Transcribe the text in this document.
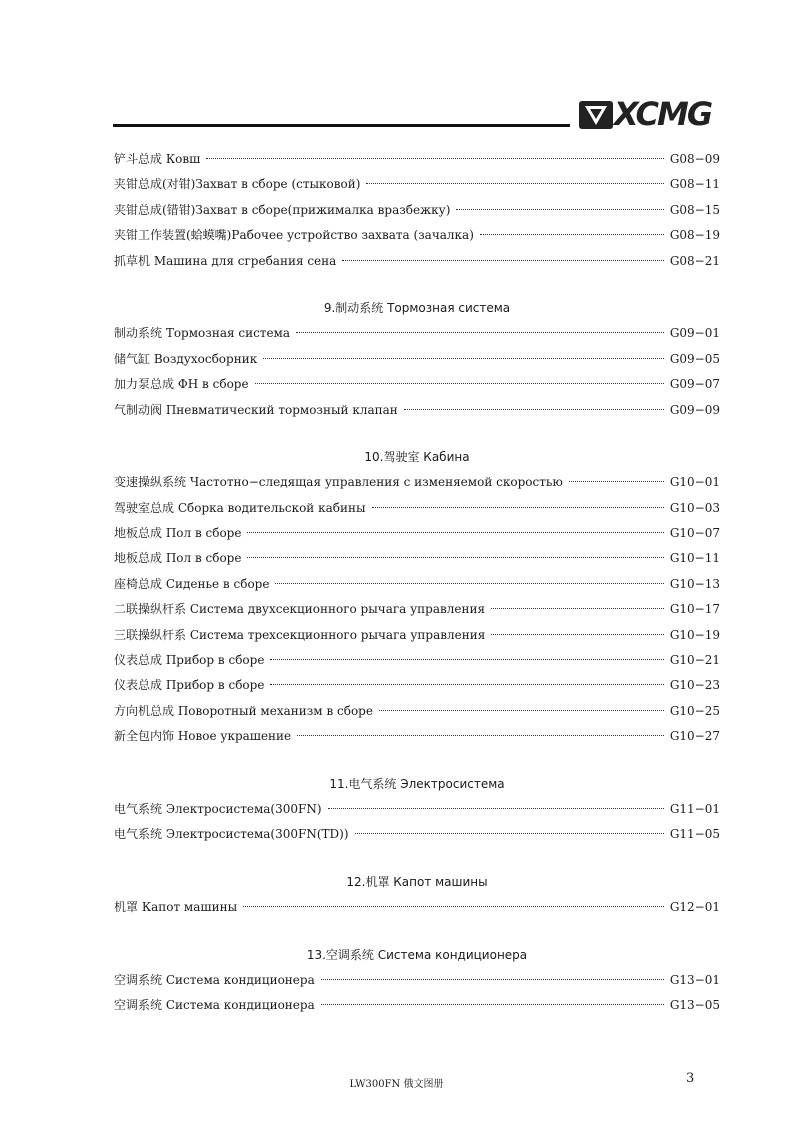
XCMG
铲斗总成 Ковш	G08−09
夹钳总成(对钳)Захват в сборе (стыковой)	G08−11
夹钳总成(错钳)Захват в сборе(прижималка вразбежку)	G08−15
夹钳工作装置(蛤蟆嘴)Рабочее устройство захвата (зачалка)	G08−19
抓草机 Машина для сгребания сена	G08−21
9.制动系统 Тормозная система
制动系统 Тормозная система	G09−01
储气缸 Воздухосборник	G09−05
加力泵总成 ФН в сборе	G09−07
气制动阀 Пневматический тормозный клапан	G09−09
10.驾驶室 Кабина
变速操纵系统 Частотно−следящая управления с изменяемой скоростью	G10−01
驾驶室总成 Сборка водительской кабины	G10−03
地板总成 Пол в сборе	G10−07
地板总成 Пол в сборе	G10−11
座椅总成 Сиденье в сборе	G10−13
二联操纵杆系 Система двухсекционного рычага управления	G10−17
三联操纵杆系 Система трехсекционного рычага управления	G10−19
仪表总成 Прибор в сборе	G10−21
仪表总成 Прибор в сборе	G10−23
方向机总成 Поворотный механизм в сборе	G10−25
新全包内饰 Новое украшение	G10−27
11.电气系统 Электросистема
电气系统 Электросистема(300FN)	G11−01
电气系统 Электросистема(300FN(TD))	G11−05
12.机罩 Капот машины
机罩 Капот машины	G12−01
13.空调系统 Система кондиционера
空调系统 Система кондиционера	G13−01
空调系统 Система кондиционера	G13−05
LW300FN 俄文图册	3
